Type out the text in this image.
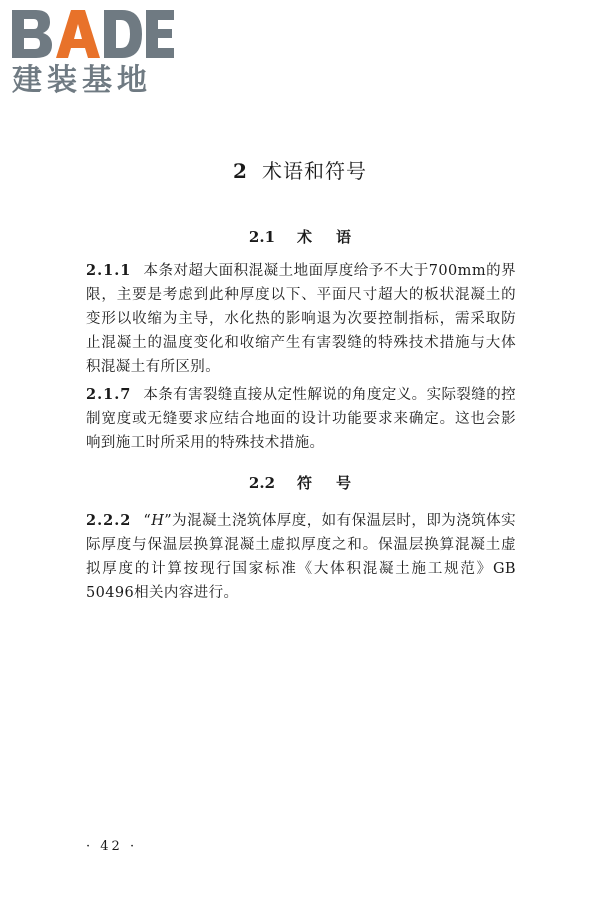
建装基地
2 术语和符号
2.1 术 语
2.1.1 本条对超大面积混凝土地面厚度给予不大于700mm的界限，主要是考虑到此种厚度以下、平面尺寸超大的板状混凝土的变形以收缩为主导，水化热的影响退为次要控制指标，需采取防止混凝土的温度变化和收缩产生有害裂缝的特殊技术措施与大体积混凝土有所区别。
2.1.7 本条有害裂缝直接从定性解说的角度定义。实际裂缝的控制宽度或无缝要求应结合地面的设计功能要求来确定。这也会影响到施工时所采用的特殊技术措施。
2.2 符 号
2.2.2 “H”为混凝土浇筑体厚度，如有保温层时，即为浇筑体实际厚度与保温层换算混凝土虚拟厚度之和。保温层换算混凝土虚拟厚度的计算按现行国家标准《大体积混凝土施工规范》GB 50496相关内容进行。
· 42 ·
